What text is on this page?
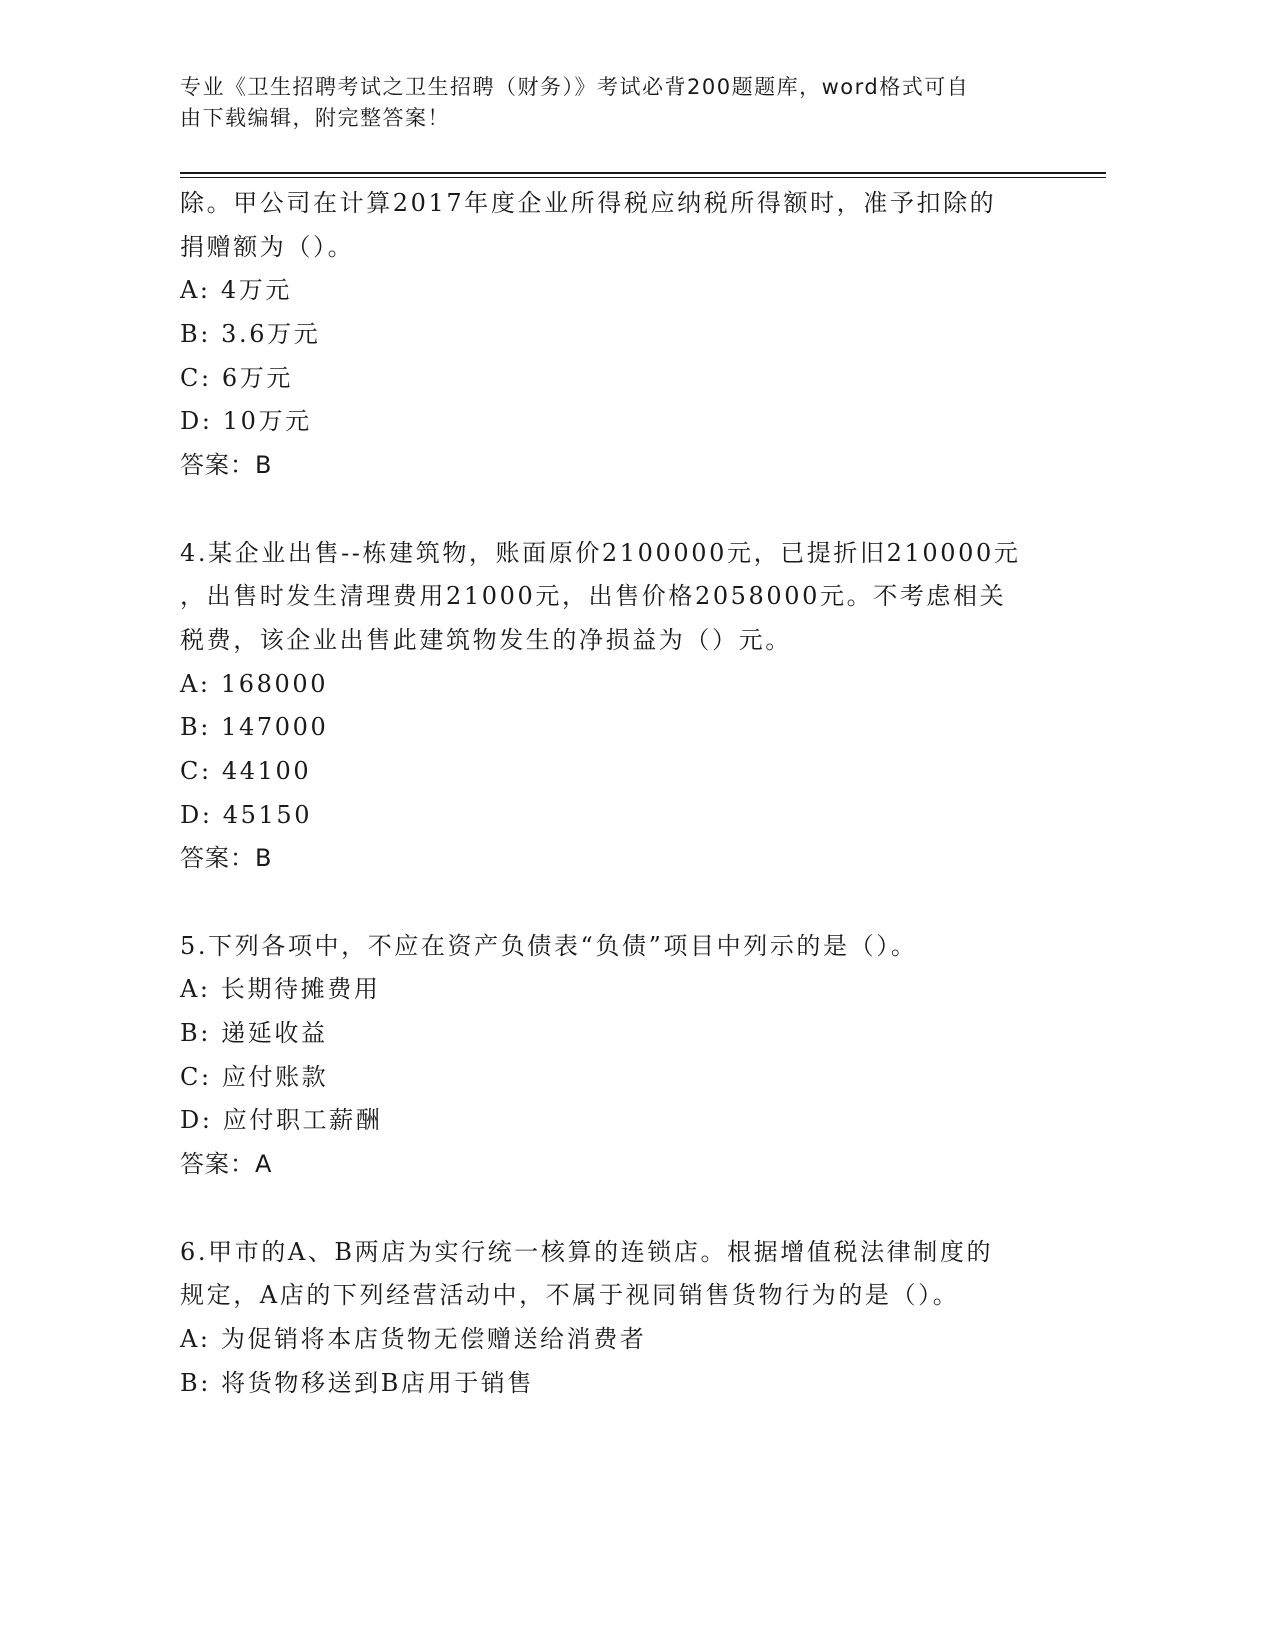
专业《卫生招聘考试之卫生招聘（财务）》考试必背200题题库，word格式可自
由下载编辑，附完整答案！
除。甲公司在计算2017年度企业所得税应纳税所得额时，准予扣除的
捐赠额为（）。
A: 4万元
B: 3.6万元
C: 6万元
D: 10万元
答案：B
4.某企业出售--栋建筑物，账面原价2100000元，已提折旧210000元
，出售时发生清理费用21000元，出售价格2058000元。不考虑相关
税费，该企业出售此建筑物发生的净损益为（）元。
A: 168000
B: 147000
C: 44100
D: 45150
答案：B
5.下列各项中，不应在资产负债表“负债”项目中列示的是（）。
A: 长期待摊费用
B: 递延收益
C: 应付账款
D: 应付职工薪酬
答案：A
6.甲市的A、B两店为实行统一核算的连锁店。根据增值税法律制度的
规定，A店的下列经营活动中，不属于视同销售货物行为的是（）。
A: 为促销将本店货物无偿赠送给消费者
B: 将货物移送到B店用于销售
